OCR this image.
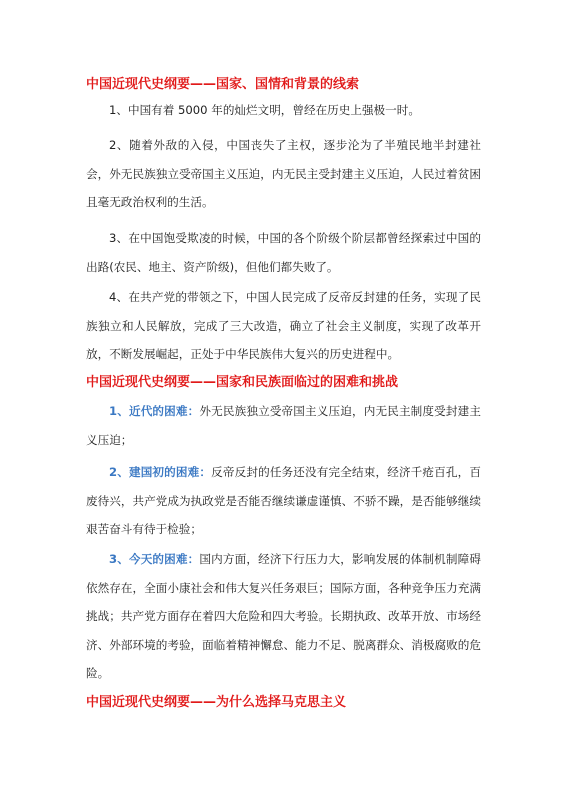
中国近现代史纲要——国家、国情和背景的线索

1、中国有着 5000 年的灿烂文明，曾经在历史上强极一时。

2、随着外敌的入侵，中国丧失了主权，逐步沦为了半殖民地半封建社会，外无民族独立受帝国主义压迫，内无民主受封建主义压迫，人民过着贫困且毫无政治权利的生活。

3、在中国饱受欺凌的时候，中国的各个阶级个阶层都曾经探索过中国的出路(农民、地主、资产阶级)，但他们都失败了。

4、在共产党的带领之下，中国人民完成了反帝反封建的任务，实现了民族独立和人民解放，完成了三大改造，确立了社会主义制度，实现了改革开放，不断发展崛起，正处于中华民族伟大复兴的历史进程中。

中国近现代史纲要——国家和民族面临过的困难和挑战

1、近代的困难：外无民族独立受帝国主义压迫，内无民主制度受封建主义压迫；

2、建国初的困难：反帝反封的任务还没有完全结束，经济千疮百孔，百废待兴，共产党成为执政党是否能否继续谦虚谨慎、不骄不躁，是否能够继续艰苦奋斗有待于检验；

3、今天的困难：国内方面，经济下行压力大，影响发展的体制机制障碍依然存在，全面小康社会和伟大复兴任务艰巨；国际方面，各种竞争压力充满挑战；共产党方面存在着四大危险和四大考验。长期执政、改革开放、市场经济、外部环境的考验，面临着精神懈怠、能力不足、脱离群众、消极腐败的危险。

中国近现代史纲要——为什么选择马克思主义
